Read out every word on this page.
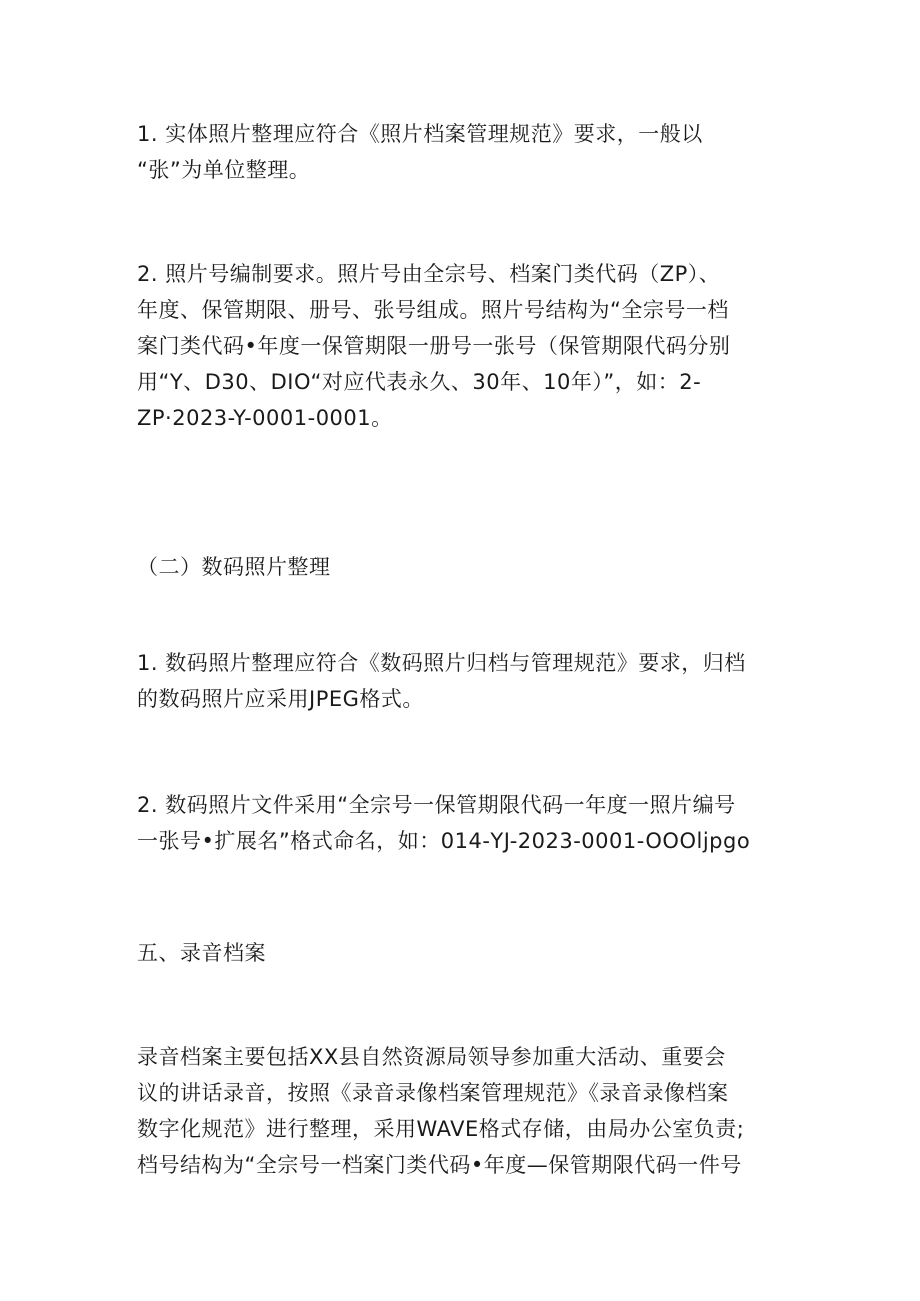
1. 实体照片整理应符合《照片档案管理规范》要求，一般以
“张”为单位整理。
2. 照片号编制要求。照片号由全宗号、档案门类代码（ZP）、
年度、保管期限、册号、张号组成。照片号结构为“全宗号一档
案门类代码•年度一保管期限一册号一张号（保管期限代码分别
用“Y、D30、DIO“对应代表永久、30年、10年）”，如：2-
ZP·2023-Y-0001-0001。
（二）数码照片整理
1. 数码照片整理应符合《数码照片归档与管理规范》要求，归档
的数码照片应采用JPEG格式。
2. 数码照片文件采用“全宗号一保管期限代码一年度一照片编号
一张号•扩展名”格式命名，如：014-YJ-2023-0001-OOOljpgo
五、录音档案
录音档案主要包括XX县自然资源局领导参加重大活动、重要会
议的讲话录音，按照《录音录像档案管理规范》《录音录像档案
数字化规范》进行整理，采用WAVE格式存储，由局办公室负责;
档号结构为“全宗号一档案门类代码•年度—保管期限代码一件号
